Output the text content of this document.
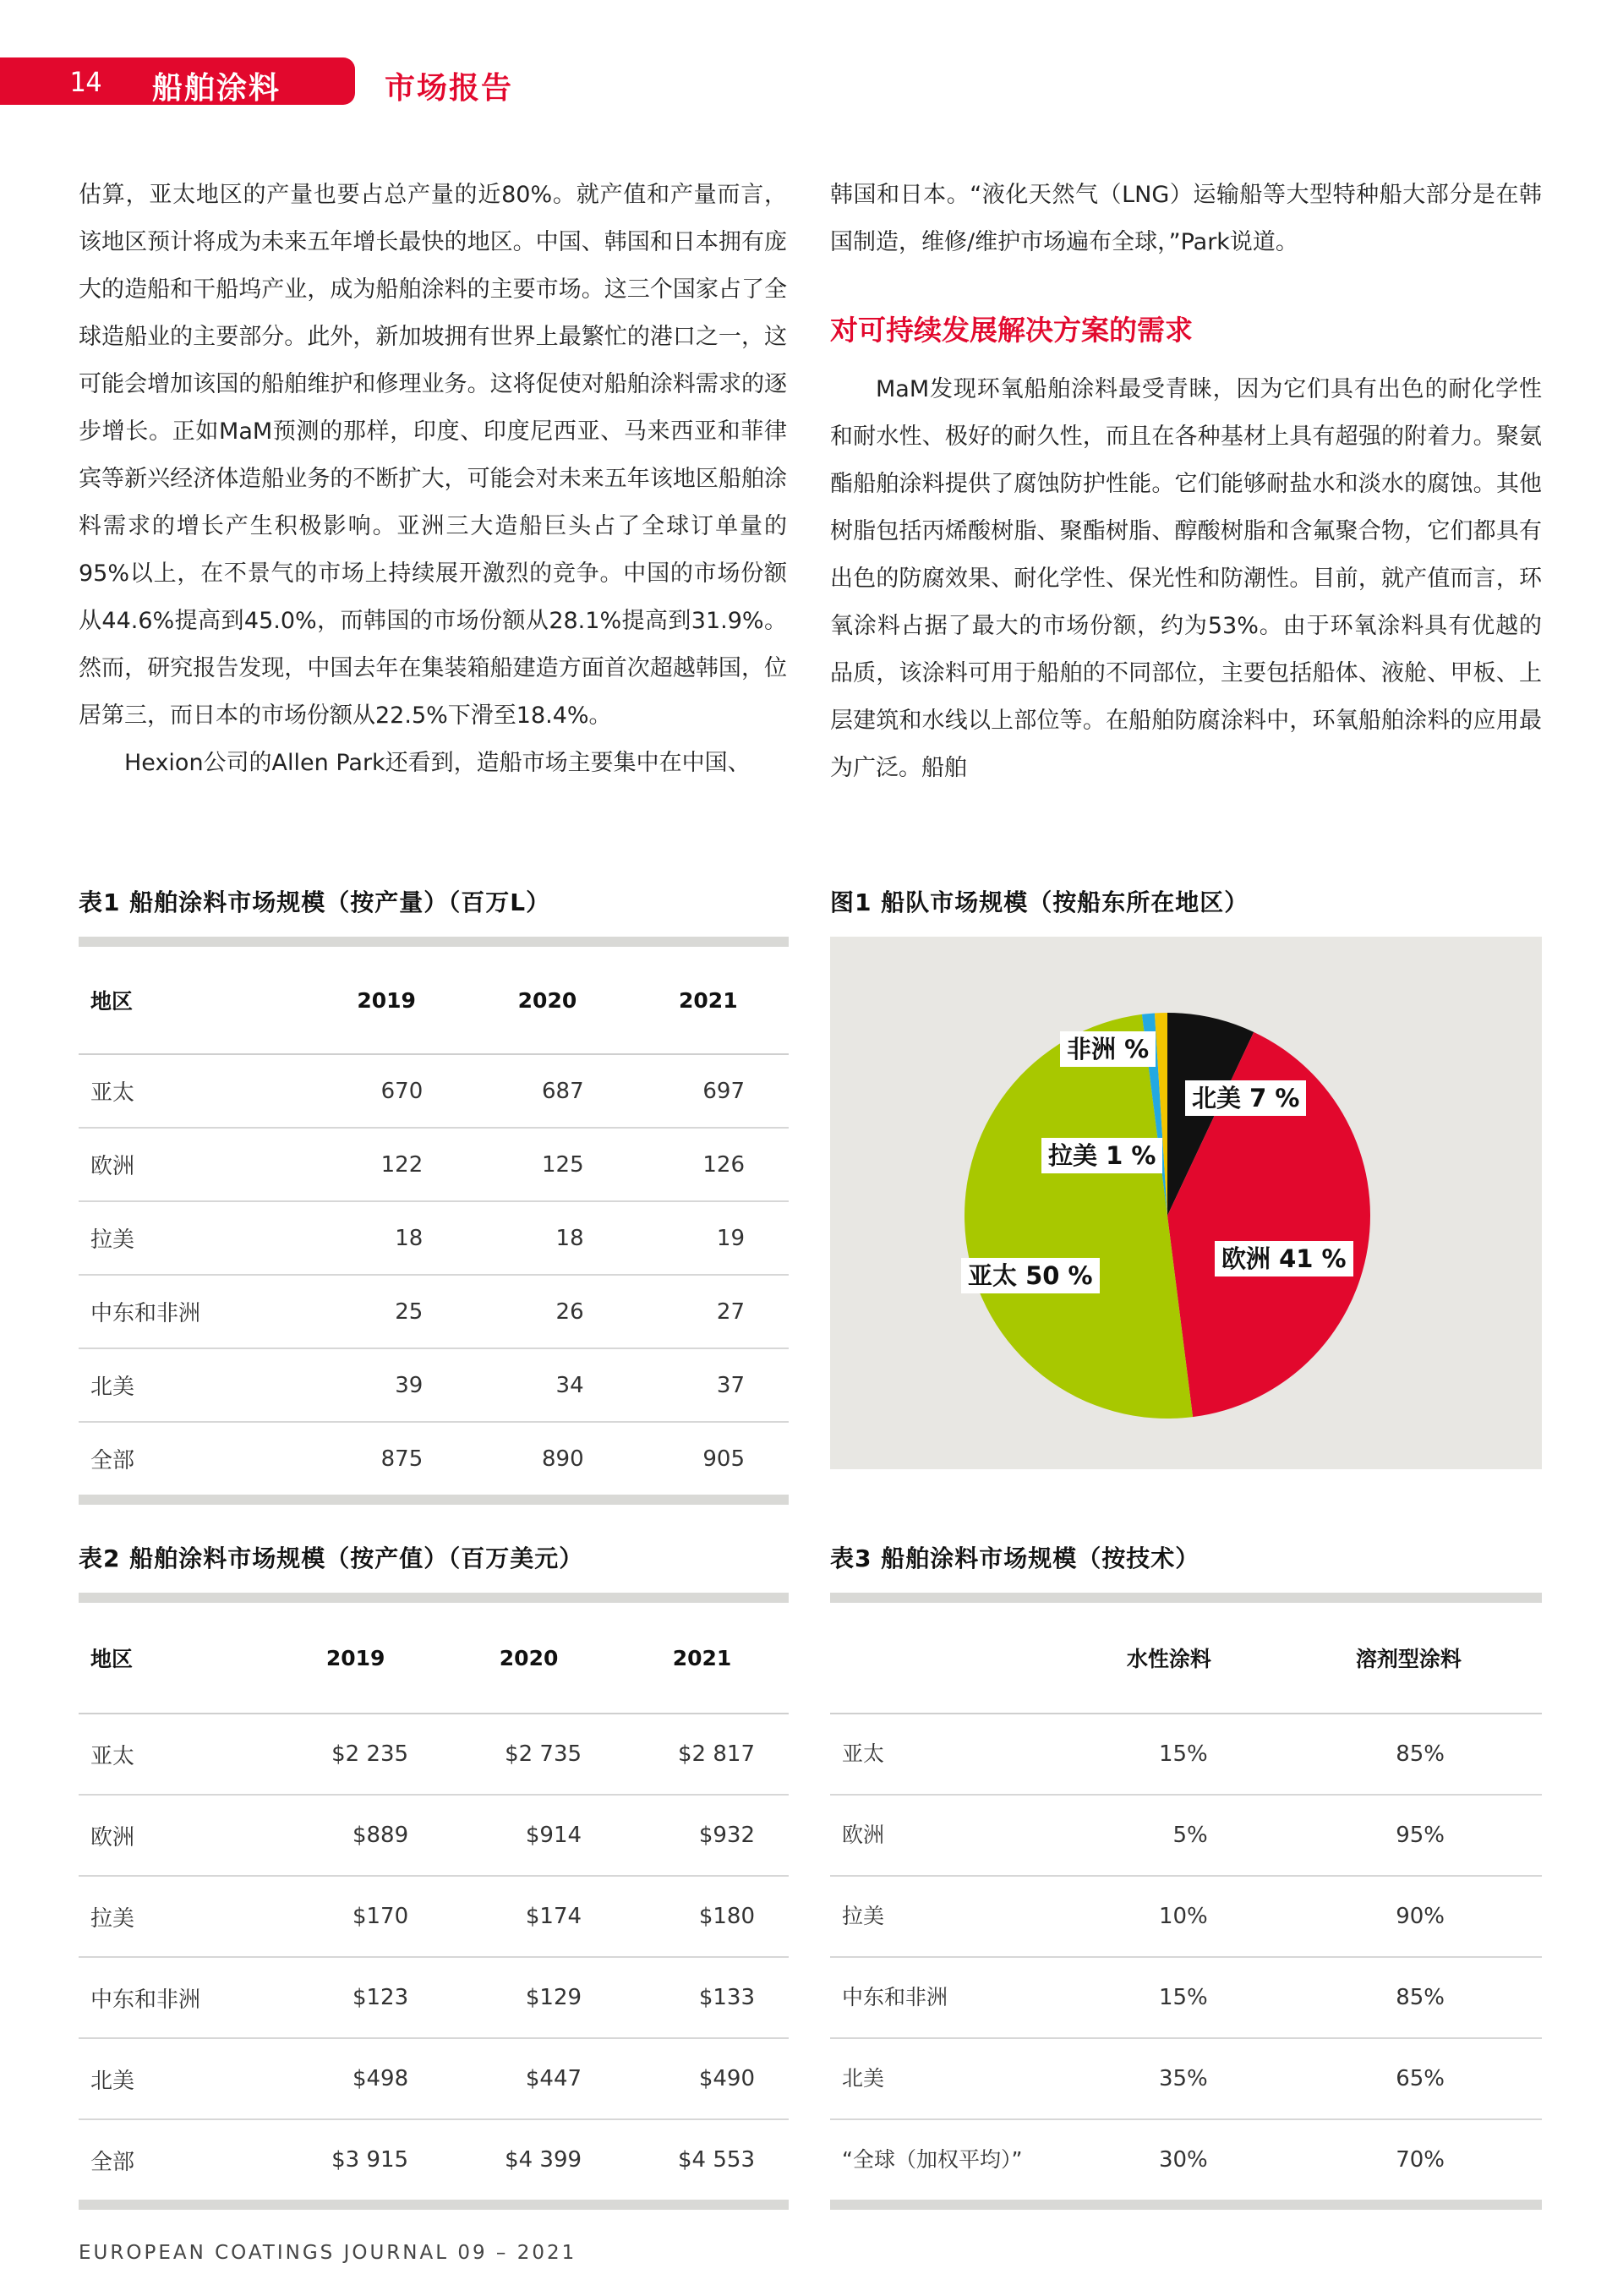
14 船舶涂料	市场报告

估算，亚太地区的产量也要占总产量的近80%。就产值和产量而言，该地区预计将成为未来五年增长最快的地区。中国、韩国和日本拥有庞大的造船和干船坞产业，成为船舶涂料的主要市场。这三个国家占了全球造船业的主要部分。此外，新加坡拥有世界上最繁忙的港口之一，这可能会增加该国的船舶维护和修理业务。这将促使对船舶涂料需求的逐步增长。正如MaM预测的那样，印度、印度尼西亚、马来西亚和菲律宾等新兴经济体造船业务的不断扩大，可能会对未来五年该地区船舶涂料需求的增长产生积极影响。亚洲三大造船巨头占了全球订单量的95%以上，在不景气的市场上持续展开激烈的竞争。中国的市场份额从44.6%提高到45.0%，而韩国的市场份额从28.1%提高到31.9%。然而，研究报告发现，中国去年在集装箱船建造方面首次超越韩国，位居第三，而日本的市场份额从22.5%下滑至18.4%。

Hexion公司的Allen Park还看到，造船市场主要集中在中国、

韩国和日本。“液化天然气（LNG）运输船等大型特种船大部分是在韩国制造，维修/维护市场遍布全球，”Park说道。

对可持续发展解决方案的需求

MaM发现环氧船舶涂料最受青睐，因为它们具有出色的耐化学性和耐水性、极好的耐久性，而且在各种基材上具有超强的附着力。聚氨酯船舶涂料提供了腐蚀防护性能。它们能够耐盐水和淡水的腐蚀。其他树脂包括丙烯酸树脂、聚酯树脂、醇酸树脂和含氟聚合物，它们都具有出色的防腐效果、耐化学性、保光性和防潮性。目前，就产值而言，环氧涂料占据了最大的市场份额，约为53%。由于环氧涂料具有优越的品质，该涂料可用于船舶的不同部位，主要包括船体、液舱、甲板、上层建筑和水线以上部位等。在船舶防腐涂料中，环氧船舶涂料的应用最为广泛。船舶

表1 船舶涂料市场规模（按产量）（百万L）
地区	2019	2020	2021
亚太	670	687	697
欧洲	122	125	126
拉美	18	18	19
中东和非洲	25	26	27
北美	39	34	37
全部	875	890	905
图1 船队市场规模（按船东所在地区）
非洲 %
北美 7 %
拉美 1 %
欧洲 41 %
亚太 50 %
表2 船舶涂料市场规模（按产值）（百万美元）
地区	2019	2020	2021
亚太	$2 235	$2 735	$2 817
欧洲	$889	$914	$932
拉美	$170	$174	$180
中东和非洲	$123	$129	$133
北美	$498	$447	$490
全部	$3 915	$4 399	$4 553
表3 船舶涂料市场规模（按技术）
	水性涂料	溶剂型涂料
亚太	15%	85%
欧洲	5%	95%
拉美	10%	90%
中东和非洲	15%	85%
北美	35%	65%
“全球（加权平均）”	30%	70%
EUROPEAN COATINGS JOURNAL 09 – 2021
